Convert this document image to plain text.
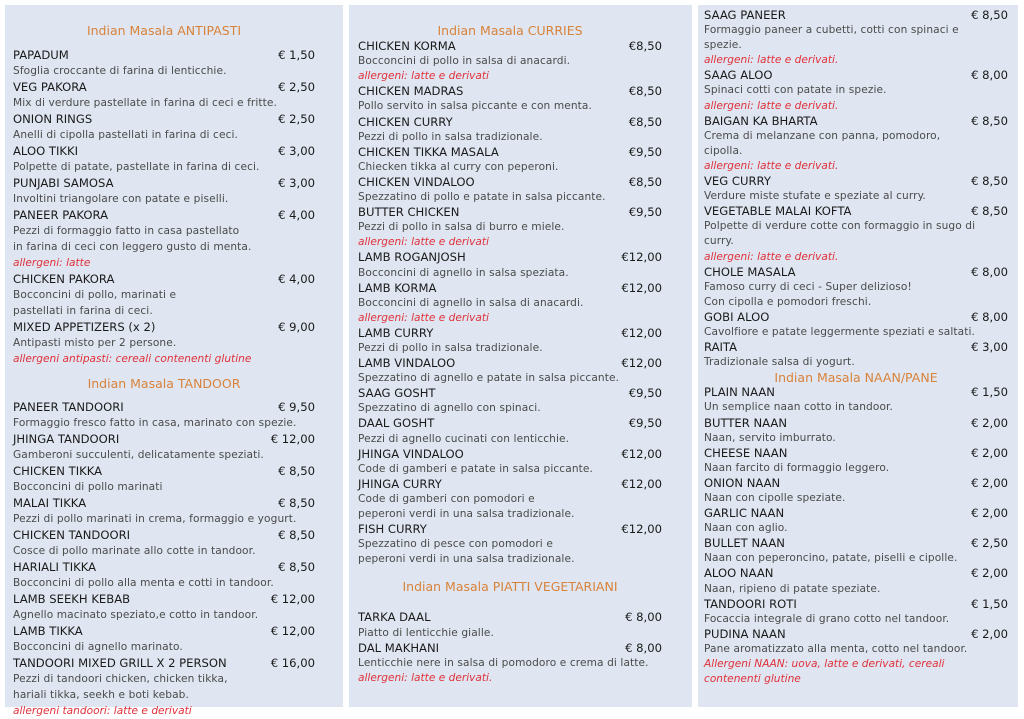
Indian Masala ANTIPASTI
PAPADUM	€ 1,50
Sfoglia croccante di farina di lenticchie.
VEG PAKORA	€ 2,50
Mix di verdure pastellate in farina di ceci e fritte.
ONION RINGS	€ 2,50
Anelli di cipolla pastellati in farina di ceci.
ALOO TIKKI	€ 3,00
Polpette di patate, pastellate in farina di ceci.
PUNJABI SAMOSA	€ 3,00
Involtini triangolare con patate e piselli.
PANEER PAKORA	€ 4,00
Pezzi di formaggio fatto in casa pastellato
in farina di ceci con leggero gusto di menta.
allergeni: latte
CHICKEN PAKORA	€ 4,00
Bocconcini di pollo, marinati e
pastellati in farina di ceci.
MIXED APPETIZERS (x 2)	€ 9,00
Antipasti misto per 2 persone.
allergeni antipasti: cereali contenenti glutine
Indian Masala TANDOOR
PANEER TANDOORI	€ 9,50
Formaggio fresco fatto in casa, marinato con spezie.
JHINGA TANDOORI	€ 12,00
Gamberoni succulenti, delicatamente speziati.
CHICKEN TIKKA	€ 8,50
Bocconcini di pollo marinati
MALAI TIKKA	€ 8,50
Pezzi di pollo marinati in crema, formaggio e yogurt.
CHICKEN TANDOORI	€ 8,50
Cosce di pollo marinate allo cotte in tandoor.
HARIALI TIKKA	€ 8,50
Bocconcini di pollo alla menta e cotti in tandoor.
LAMB SEEKH KEBAB	€ 12,00
Agnello macinato speziato,e cotto in tandoor.
LAMB TIKKA	€ 12,00
Bocconcini di agnello marinato.
TANDOORI MIXED GRILL X 2 PERSON	€ 16,00
Pezzi di tandoori chicken, chicken tikka,
hariali tikka, seekh e boti kebab.
allergeni tandoori: latte e derivati
Indian Masala CURRIES
CHICKEN KORMA	€8,50
Bocconcini di pollo in salsa di anacardi.
allergeni: latte e derivati
CHICKEN MADRAS	€8,50
Pollo servito in salsa piccante e con menta.
CHICKEN CURRY	€8,50
Pezzi di pollo in salsa tradizionale.
CHICKEN TIKKA MASALA	€9,50
Chiecken tikka al curry con peperoni.
CHICKEN VINDALOO	€8,50
Spezzatino di pollo e patate in salsa piccante.
BUTTER CHICKEN	€9,50
Pezzi di pollo in salsa di burro e miele.
allergeni: latte e derivati
LAMB ROGANJOSH	€12,00
Bocconcini di agnello in salsa speziata.
LAMB KORMA	€12,00
Bocconcini di agnello in salsa di anacardi.
allergeni: latte e derivati
LAMB CURRY	€12,00
Pezzi di pollo in salsa tradizionale.
LAMB VINDALOO	€12,00
Spezzatino di agnello e patate in salsa piccante.
SAAG GOSHT	€9,50
Spezzatino di agnello con spinaci.
DAAL GOSHT	€9,50
Pezzi di agnello cucinati con lenticchie.
JHINGA VINDALOO	€12,00
Code di gamberi e patate in salsa piccante.
JHINGA CURRY	€12,00
Code di gamberi con pomodori e
peperoni verdi in una salsa tradizionale.
FISH CURRY	€12,00
Spezzatino di pesce con pomodori e
peperoni verdi in una salsa tradizionale.
Indian Masala PIATTI VEGETARIANI
TARKA DAAL	€ 8,00
Piatto di lenticchie gialle.
DAL MAKHANI	€ 8,00
Lenticchie nere in salsa di pomodoro e crema di latte.
allergeni: latte e derivati.
SAAG PANEER	€ 8,50
Formaggio paneer a cubetti, cotti con spinaci e
spezie.
allergeni: latte e derivati.
SAAG ALOO	€ 8,00
Spinaci cotti con patate in spezie.
allergeni: latte e derivati.
BAIGAN KA BHARTA	€ 8,50
Crema di melanzane con panna, pomodoro,
cipolla.
allergeni: latte e derivati.
VEG CURRY	€ 8,50
Verdure miste stufate e speziate al curry.
VEGETABLE MALAI KOFTA	€ 8,50
Polpette di verdure cotte con formaggio in sugo di
curry.
allergeni: latte e derivati.
CHOLE MASALA	€ 8,00
Famoso curry di ceci - Super delizioso!
Con cipolla e pomodori freschi.
GOBI ALOO	€ 8,00
Cavolfiore e patate leggermente speziati e saltati.
RAITA	€ 3,00
Tradizionale salsa di yogurt.
Indian Masala NAAN/PANE
PLAIN NAAN	€ 1,50
Un semplice naan cotto in tandoor.
BUTTER NAAN	€ 2,00
Naan, servito imburrato.
CHEESE NAAN	€ 2,00
Naan farcito di formaggio leggero.
ONION NAAN	€ 2,00
Naan con cipolle speziate.
GARLIC NAAN	€ 2,00
Naan con aglio.
BULLET NAAN	€ 2,50
Naan con peperoncino, patate, piselli e cipolle.
ALOO NAAN	€ 2,00
Naan, ripieno di patate speziate.
TANDOORI ROTI	€ 1,50
Focaccia integrale di grano cotto nel tandoor.
PUDINA NAAN	€ 2,00
Pane aromatizzato alla menta, cotto nel tandoor.
Allergeni NAAN: uova, latte e derivati, cereali
contenenti glutine
